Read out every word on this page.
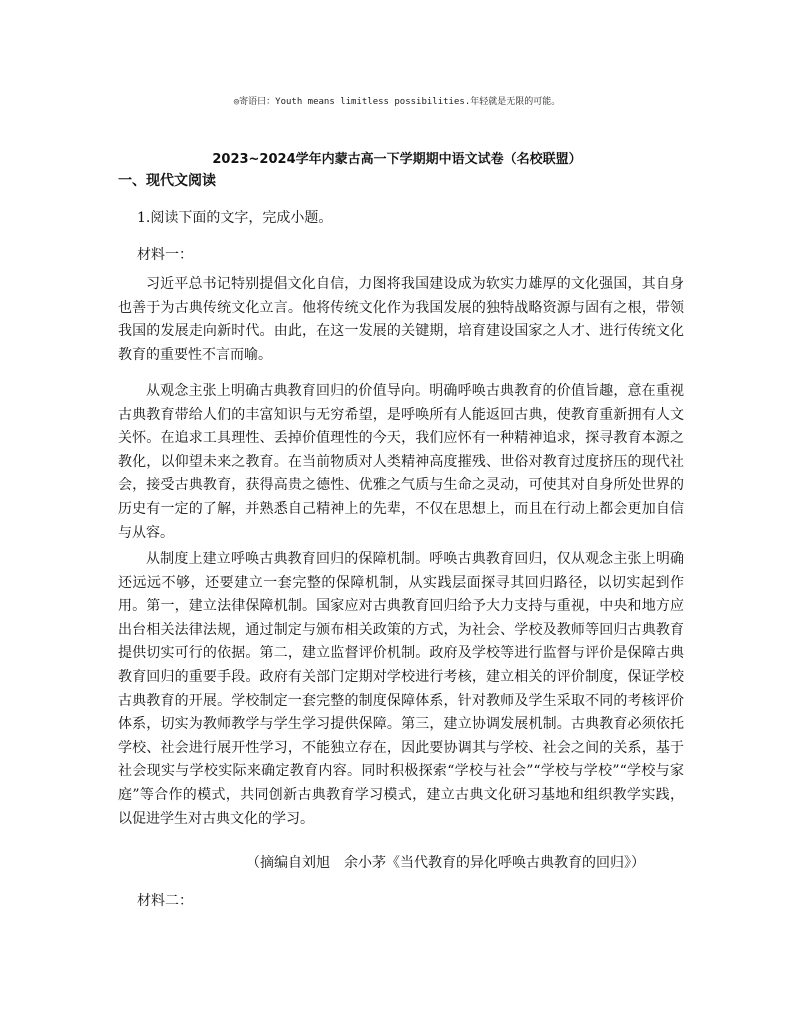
◎寄语曰：Youth means limitless possibilities.年轻就是无限的可能。
2023~2024学年内蒙古高一下学期期中语文试卷（名校联盟）
一、现代文阅读
1.阅读下面的文字，完成小题。
材料一：

习近平总书记特别提倡文化自信，力图将我国建设成为软实力雄厚的文化强国，其自身也善于为古典传统文化立言。他将传统文化作为我国发展的独特战略资源与固有之根，带领我国的发展走向新时代。由此，在这一发展的关键期，培育建设国家之人才、进行传统文化教育的重要性不言而喻。

从观念主张上明确古典教育回归的价值导向。明确呼唤古典教育的价值旨趣，意在重视古典教育带给人们的丰富知识与无穷希望，是呼唤所有人能返回古典，使教育重新拥有人文关怀。在追求工具理性、丢掉价值理性的今天，我们应怀有一种精神追求，探寻教育本源之教化，以仰望未来之教育。在当前物质对人类精神高度摧残、世俗对教育过度挤压的现代社会，接受古典教育，获得高贵之德性、优雅之气质与生命之灵动，可使其对自身所处世界的历史有一定的了解，并熟悉自己精神上的先辈，不仅在思想上，而且在行动上都会更加自信与从容。

从制度上建立呼唤古典教育回归的保障机制。呼唤古典教育回归，仅从观念主张上明确还远远不够，还要建立一套完整的保障机制，从实践层面探寻其回归路径，以切实起到作用。第一，建立法律保障机制。国家应对古典教育回归给予大力支持与重视，中央和地方应出台相关法律法规，通过制定与颁布相关政策的方式，为社会、学校及教师等回归古典教育提供切实可行的依据。第二，建立监督评价机制。政府及学校等进行监督与评价是保障古典教育回归的重要手段。政府有关部门定期对学校进行考核，建立相关的评价制度，保证学校古典教育的开展。学校制定一套完整的制度保障体系，针对教师及学生采取不同的考核评价体系，切实为教师教学与学生学习提供保障。第三，建立协调发展机制。古典教育必须依托学校、社会进行展开性学习，不能独立存在，因此要协调其与学校、社会之间的关系，基于社会现实与学校实际来确定教育内容。同时积极探索“学校与社会”“学校与学校”“学校与家庭”等合作的模式，共同创新古典教育学习模式，建立古典文化研习基地和组织教学实践，以促进学生对古典文化的学习。

（摘编自刘旭　余小茅《当代教育的异化呼唤古典教育的回归》）
材料二：
